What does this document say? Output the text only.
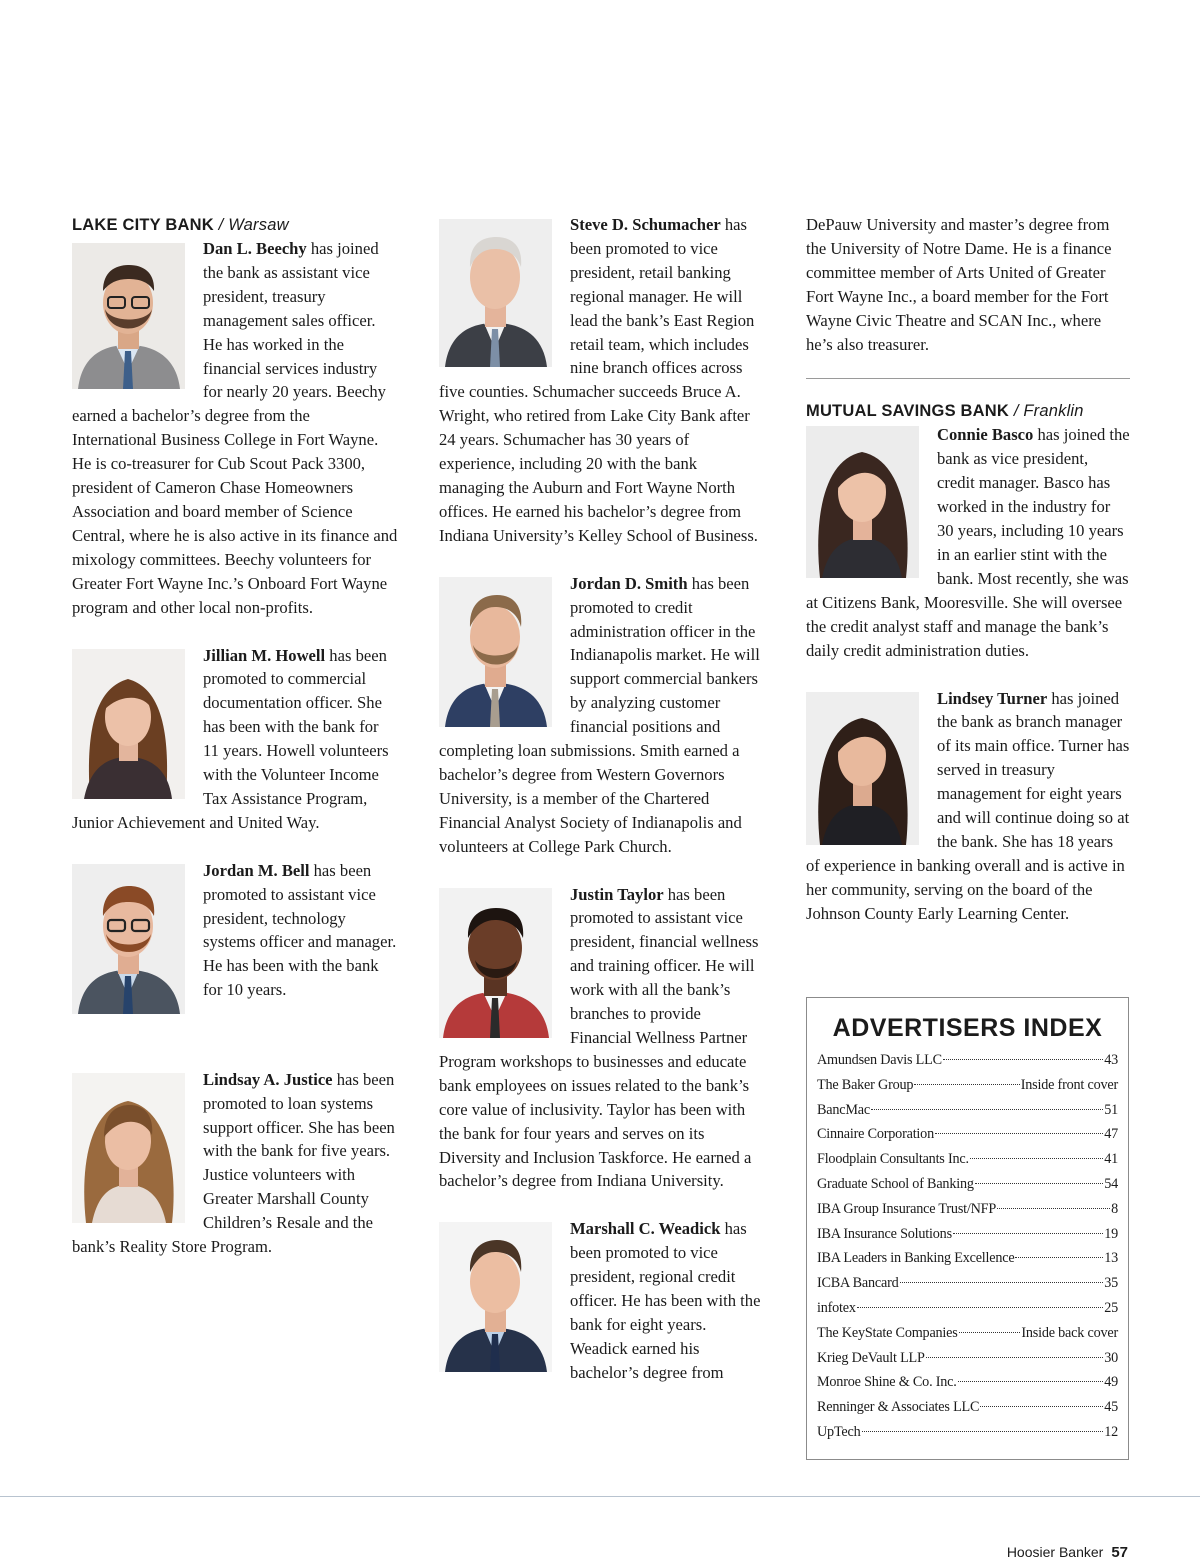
LAKE CITY BANK / Warsaw

Dan L. Beechy has joined the bank as assistant vice president, treasury management sales officer. He has worked in the financial services industry for nearly 20 years. Beechy earned a bachelor’s degree from the International Business College in Fort Wayne. He is co-treasurer for Cub Scout Pack 3300, president of Cameron Chase Homeowners Association and board member of Science Central, where he is also active in its finance and mixology committees. Beechy volunteers for Greater Fort Wayne Inc.’s Onboard Fort Wayne program and other local non-profits.

Jillian M. Howell has been promoted to commercial documentation officer. She has been with the bank for 11 years. Howell volunteers with the Volunteer Income Tax Assistance Program, Junior Achievement and United Way.

Jordan M. Bell has been promoted to assistant vice president, technology systems officer and manager. He has been with the bank for 10 years.

Lindsay A. Justice has been promoted to loan systems support officer. She has been with the bank for five years. Justice volunteers with Greater Marshall County Children’s Resale and the bank’s Reality Store Program.

Steve D. Schumacher has been promoted to vice president, retail banking regional manager. He will lead the bank’s East Region retail team, which includes nine branch offices across five counties. Schumacher succeeds Bruce A. Wright, who retired from Lake City Bank after 24 years. Schumacher has 30 years of experience, including 20 with the bank managing the Auburn and Fort Wayne North offices. He earned his bachelor’s degree from Indiana University’s Kelley School of Business.

Jordan D. Smith has been promoted to credit administration officer in the Indianapolis market. He will support commercial bankers by analyzing customer financial positions and completing loan submissions. Smith earned a bachelor’s degree from Western Governors University, is a member of the Chartered Financial Analyst Society of Indianapolis and volunteers at College Park Church.

Justin Taylor has been promoted to assistant vice president, financial wellness and training officer. He will work with all the bank’s branches to provide Financial Wellness Partner Program workshops to businesses and educate bank employees on issues related to the bank’s core value of inclusivity. Taylor has been with the bank for four years and serves on its Diversity and Inclusion Taskforce. He earned a bachelor’s degree from Indiana University.

Marshall C. Weadick has been promoted to vice president, regional credit officer. He has been with the bank for eight years. Weadick earned his bachelor’s degree from

DePauw University and master’s degree from the University of Notre Dame. He is a finance committee member of Arts United of Greater Fort Wayne Inc., a board member for the Fort Wayne Civic Theatre and SCAN Inc., where he’s also treasurer.

MUTUAL SAVINGS BANK / Franklin

Connie Basco has joined the bank as vice president, credit manager. Basco has worked in the industry for 30 years, including 10 years in an earlier stint with the bank. Most recently, she was at Citizens Bank, Mooresville. She will oversee the credit analyst staff and manage the bank’s daily credit administration duties.

Lindsey Turner has joined the bank as branch manager of its main office. Turner has served in treasury management for eight years and will continue doing so at the bank. She has 18 years of experience in banking overall and is active in her community, serving on the board of the Johnson County Early Learning Center.

ADVERTISERS INDEX
Amundsen Davis LLC	43
The Baker Group	Inside front cover
BancMac	51
Cinnaire Corporation	47
Floodplain Consultants Inc.	41
Graduate School of Banking	54
IBA Group Insurance Trust/NFP	8
IBA Insurance Solutions	19
IBA Leaders in Banking Excellence	13
ICBA Bancard	35
infotex	25
The KeyState Companies	Inside back cover
Krieg DeVault LLP	30
Monroe Shine & Co. Inc.	49
Renninger & Associates LLC	45
UpTech	12
Hoosier Banker 57
